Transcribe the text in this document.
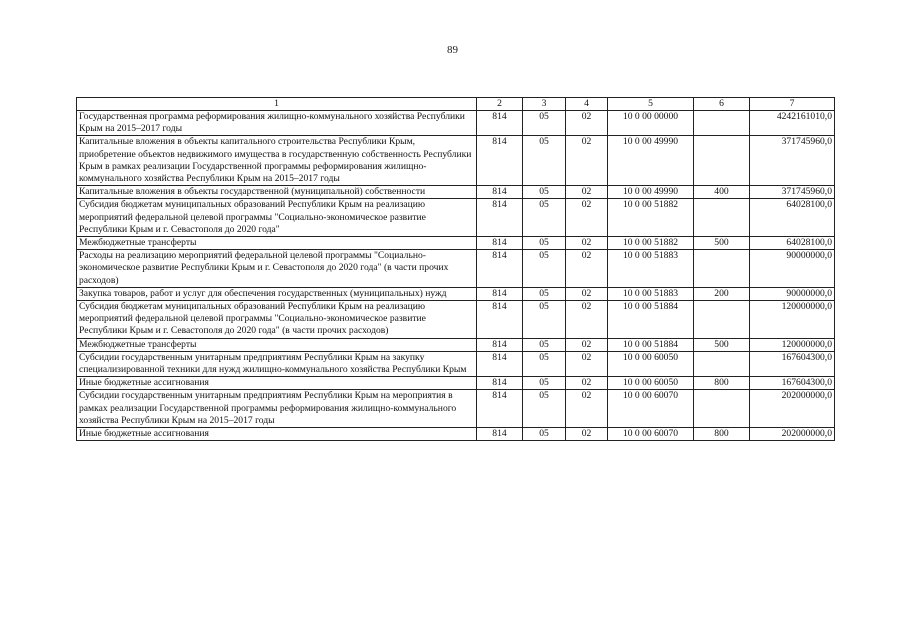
89
1	2	3	4	5	6	7
Государственная программа реформирования жилищно-коммунального хозяйства Республики Крым на 2015–2017 годы	814	05	02	10 0 00 00000		4242161010,0
Капитальные вложения в объекты капитального строительства Республики Крым, приобретение объектов недвижимого имущества в государственную собственность Республики Крым в рамках реализации Государственной программы реформирования жилищно-коммунального хозяйства Республики Крым на 2015–2017 годы	814	05	02	10 0 00 49990		371745960,0
Капитальные вложения в объекты государственной (муниципальной) собственности	814	05	02	10 0 00 49990	400	371745960,0
Субсидия бюджетам муниципальных образований Республики Крым на реализацию мероприятий федеральной целевой программы "Социально-экономическое развитие Республики Крым и г. Севастополя до 2020 года"	814	05	02	10 0 00 51882		64028100,0
Межбюджетные трансферты	814	05	02	10 0 00 51882	500	64028100,0
Расходы на реализацию мероприятий федеральной целевой программы "Социально-экономическое развитие Республики Крым и г. Севастополя до 2020 года" (в части прочих расходов)	814	05	02	10 0 00 51883		90000000,0
Закупка товаров, работ и услуг для обеспечения государственных (муниципальных) нужд	814	05	02	10 0 00 51883	200	90000000,0
Субсидия бюджетам муниципальных образований Республики Крым на реализацию мероприятий федеральной целевой программы "Социально-экономическое развитие Республики Крым и г. Севастополя до 2020 года" (в части прочих расходов)	814	05	02	10 0 00 51884		120000000,0
Межбюджетные трансферты	814	05	02	10 0 00 51884	500	120000000,0
Субсидии государственным унитарным предприятиям Республики Крым на закупку специализированной техники для нужд жилищно-коммунального хозяйства Республики Крым	814	05	02	10 0 00 60050		167604300,0
Иные бюджетные ассигнования	814	05	02	10 0 00 60050	800	167604300,0
Субсидии государственным унитарным предприятиям Республики Крым на мероприятия в рамках реализации Государственной программы реформирования жилищно-коммунального хозяйства Республики Крым на 2015–2017 годы	814	05	02	10 0 00 60070		202000000,0
Иные бюджетные ассигнования	814	05	02	10 0 00 60070	800	202000000,0
